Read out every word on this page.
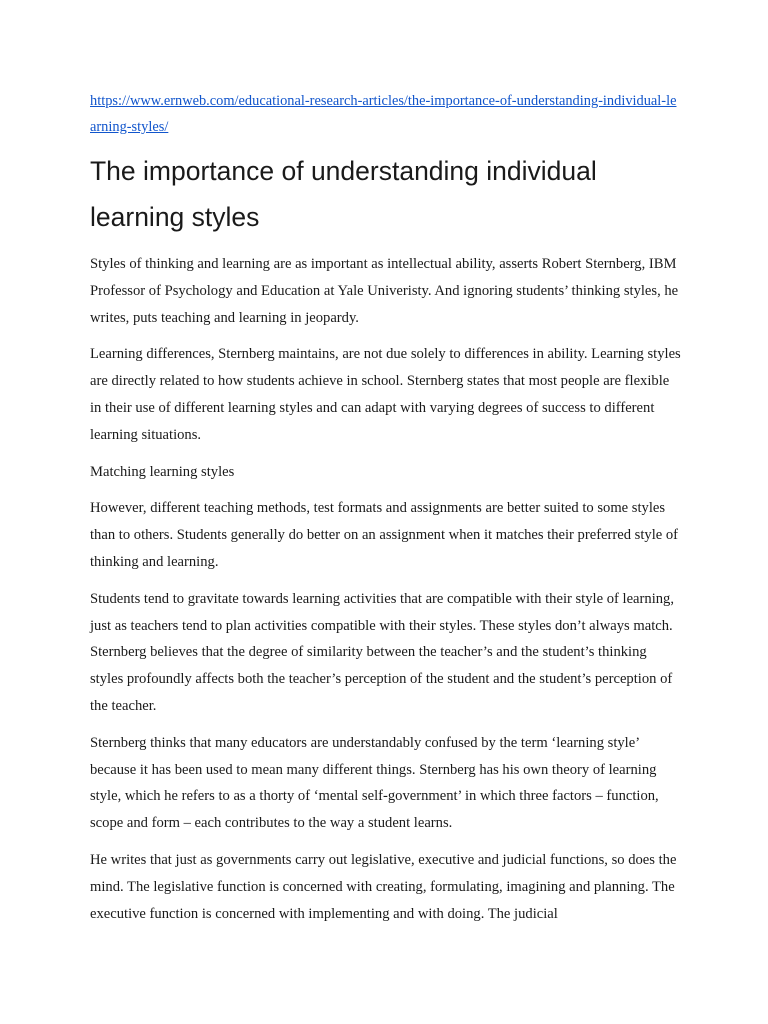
https://www.ernweb.com/educational-research-articles/the-importance-of-understanding-individual-learning-styles/
The importance of understanding individual learning styles

Styles of thinking and learning are as important as intellectual ability, asserts Robert Sternberg, IBM Professor of Psychology and Education at Yale Univeristy. And ignoring students’ thinking styles, he writes, puts teaching and learning in jeopardy.

Learning differences, Sternberg maintains, are not due solely to differences in ability. Learning styles are directly related to how students achieve in school. Sternberg states that most people are flexible in their use of different learning styles and can adapt with varying degrees of success to different learning situations.

Matching learning styles

However, different teaching methods, test formats and assignments are better suited to some styles than to others. Students generally do better on an assignment when it matches their preferred style of thinking and learning.

Students tend to gravitate towards learning activities that are compatible with their style of learning, just as teachers tend to plan activities compatible with their styles. These styles don’t always match. Sternberg believes that the degree of similarity between the teacher’s and the student’s thinking styles profoundly affects both the teacher’s perception of the student and the student’s perception of the teacher.

Sternberg thinks that many educators are understandably confused by the term ‘learning style’ because it has been used to mean many different things. Sternberg has his own theory of learning style, which he refers to as a thorty of ‘mental self-government’ in which three factors – function, scope and form – each contributes to the way a student learns.

He writes that just as governments carry out legislative, executive and judicial functions, so does the mind. The legislative function is concerned with creating, formulating, imagining and planning. The executive function is concerned with implementing and with doing. The judicial
